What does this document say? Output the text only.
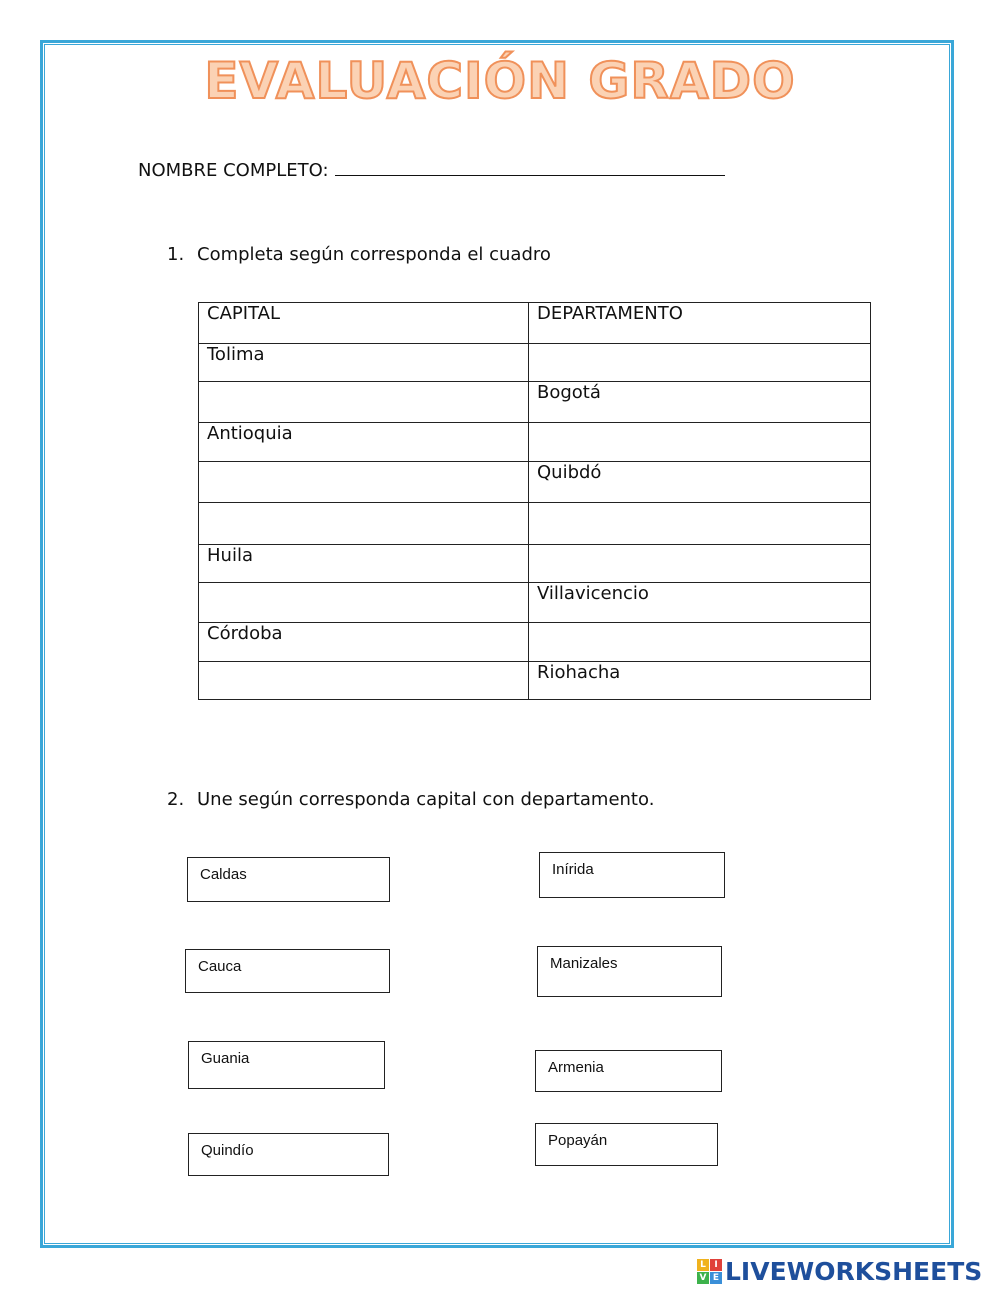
EVALUACIÓN GRADO
NOMBRE COMPLETO:
1. Completa según corresponda el cuadro
CAPITAL	DEPARTAMENTO
Tolima	
	Bogotá
Antioquia	
	Quibdó

Huila	
	Villavicencio
Córdoba	
	Riohacha
2. Une según corresponda capital con departamento.
Caldas
Cauca
Guania
Quindío
Inírida
Manizales
Armenia
Popayán
L I
V E LIVEWORKSHEETS
